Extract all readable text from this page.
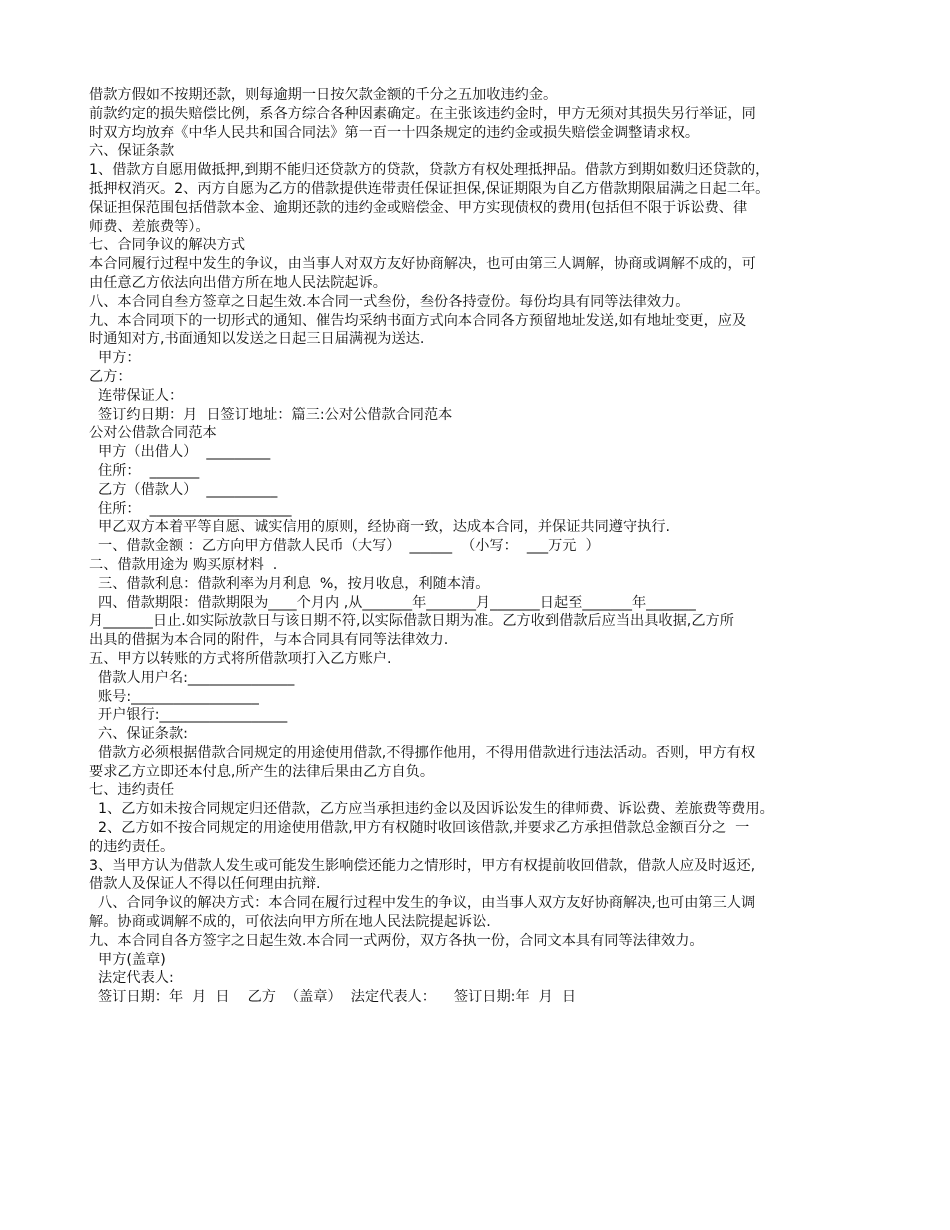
借款方假如不按期还款，则每逾期一日按欠款金额的千分之五加收违约金。
前款约定的损失赔偿比例，系各方综合各种因素确定。在主张该违约金时，甲方无须对其损失另行举证，同
时双方均放弃《中华人民共和国合同法》第一百一十四条规定的违约金或损失赔偿金调整请求权。
六、保证条款
1、借款方自愿用做抵押,到期不能归还贷款方的贷款，贷款方有权处理抵押品。借款方到期如数归还贷款的，
抵押权消灭。2、丙方自愿为乙方的借款提供连带责任保证担保,保证期限为自乙方借款期限届满之日起二年。
保证担保范围包括借款本金、逾期还款的违约金或赔偿金、甲方实现债权的费用(包括但不限于诉讼费、律
师费、差旅费等）。
七、合同争议的解决方式
本合同履行过程中发生的争议，由当事人对双方友好协商解决，也可由第三人调解，协商或调解不成的，可
由任意乙方依法向出借方所在地人民法院起诉。
八、本合同自叁方签章之日起生效.本合同一式叁份，叁份各持壹份。每份均具有同等法律效力。
九、本合同项下的一切形式的通知、催告均采纳书面方式向本合同各方预留地址发送,如有地址变更，应及
时通知对方,书面通知以发送之日起三日届满视为送达.
甲方：
乙方：
连带保证人：
签订约日期：月  日签订地址：篇三:公对公借款合同范本
公对公借款合同范本
甲方（出借人）  _________
住所：  _______
乙方（借款人）  __________
住所：  ____________________
甲乙双方本着平等自愿、诚实信用的原则，经协商一致，达成本合同，并保证共同遵守执行.
一、借款金额 ：乙方向甲方借款人民币（大写）  ______  （小写：  ___万元  ）
二、借款用途为 购买原材料  .
三、借款利息：借款利率为月利息  %，按月收息，利随本清。
四、借款期限：借款期限为____个月内 ,从_______年_______月_______日起至_______年_______
月_______日止.如实际放款日与该日期不符,以实际借款日期为准。乙方收到借款后应当出具收据,乙方所
出具的借据为本合同的附件，与本合同具有同等法律效力.
五、甲方以转账的方式将所借款项打入乙方账户.
借款人用户名:_______________
账号:__________________
开户银行:__________________
六、保证条款:
借款方必须根据借款合同规定的用途使用借款,不得挪作他用，不得用借款进行违法活动。否则，甲方有权
要求乙方立即还本付息,所产生的法律后果由乙方自负。
七、违约责任
1、乙方如未按合同规定归还借款，乙方应当承担违约金以及因诉讼发生的律师费、诉讼费、差旅费等费用。
2、乙方如不按合同规定的用途使用借款,甲方有权随时收回该借款,并要求乙方承担借款总金额百分之  一
的违约责任。
3、当甲方认为借款人发生或可能发生影响偿还能力之情形时，甲方有权提前收回借款，借款人应及时返还,
借款人及保证人不得以任何理由抗辩.
八、合同争议的解决方式：本合同在履行过程中发生的争议，由当事人双方友好协商解决,也可由第三人调
解。协商或调解不成的，可依法向甲方所在地人民法院提起诉讼.
九、本合同自各方签字之日起生效.本合同一式两份，双方各执一份，合同文本具有同等法律效力。
甲方(盖章)
法定代表人:
签订日期：年  月  日    乙方  （盖章）  法定代表人：    签订日期:年  月  日
